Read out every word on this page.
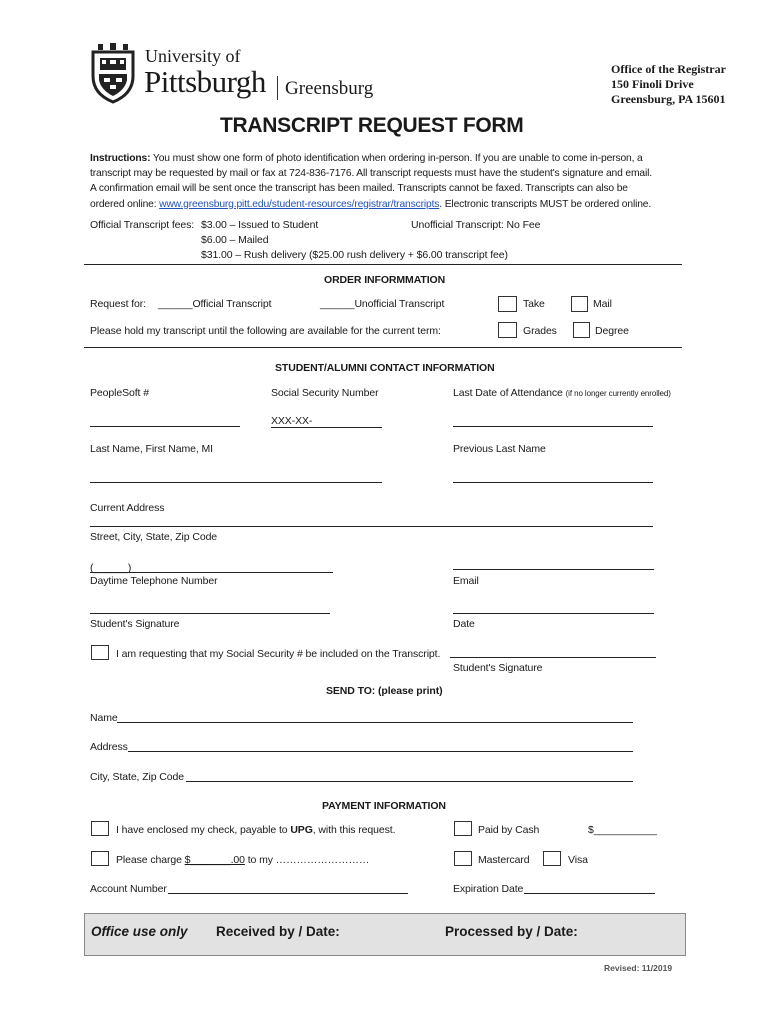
University of
Pittsburgh Greensburg
Office of the Registrar
150 Finoli Drive
Greensburg, PA 15601
TRANSCRIPT REQUEST FORM
Instructions: You must show one form of photo identification when ordering in-person. If you are unable to come in-person, a
transcript may be requested by mail or fax at 724-836-7176. All transcript requests must have the student's signature and email.
A confirmation email will be sent once the transcript has been mailed. Transcripts cannot be faxed. Transcripts can also be
ordered online: www.greensburg.pitt.edu/student-resources/registrar/transcripts. Electronic transcripts MUST be ordered online.
Official Transcript fees: $3.00 – Issued to Student
$6.00 – Mailed
$31.00 – Rush delivery ($25.00 rush delivery + $6.00 transcript fee)
Unofficial Transcript: No Fee
ORDER INFORMMATION
Request for: ______Official Transcript	______Unofficial Transcript	Take	Mail
Please hold my transcript until the following are available for the current term:	Grades	Degree
STUDENT/ALUMNI CONTACT INFORMATION
PeopleSoft #	Social Security Number	Last Date of Attendance (if no longer currently enrolled)
XXX-XX-
Last Name, First Name, MI	Previous Last Name
Current Address
Street, City, State, Zip Code
(______)
Daytime Telephone Number	Email
Student's Signature	Date
I am requesting that my Social Security # be included on the Transcript.
Student's Signature
SEND TO: (please print)
Name
Address
City, State, Zip Code
PAYMENT INFORMATION
I have enclosed my check, payable to UPG, with this request.	Paid by Cash	$___________
Please charge $_______.00 to my ………………………	Mastercard	Visa
Account Number	Expiration Date
Office use only Received by / Date:	Processed by / Date:
Revised: 11/2019
